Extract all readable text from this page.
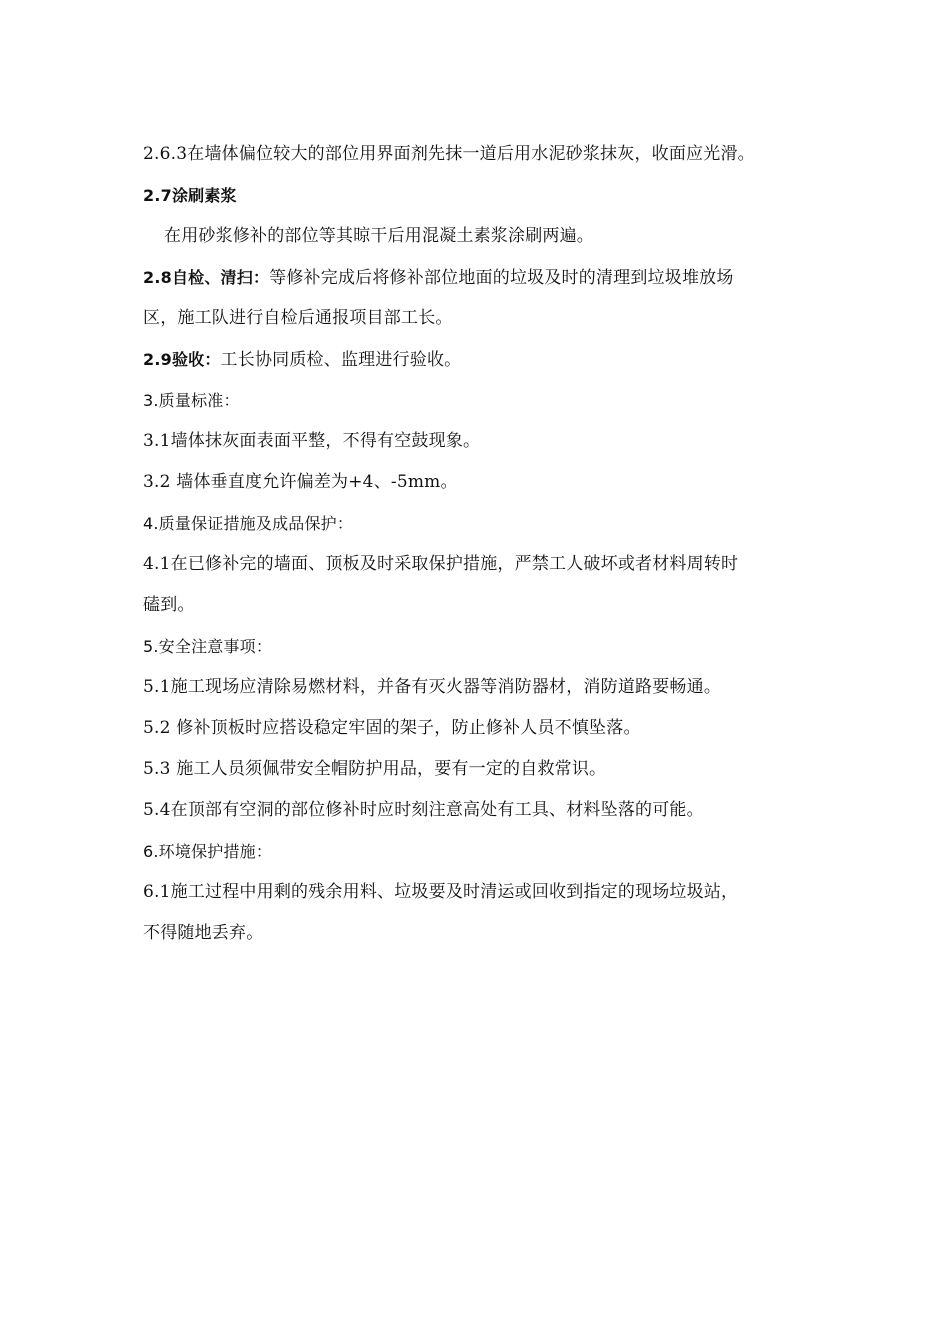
2.6.3在墙体偏位较大的部位用界面剂先抹一道后用水泥砂浆抹灰，收面应光滑。
2.7涂刷素浆
在用砂浆修补的部位等其晾干后用混凝土素浆涂刷两遍。
2.8自检、清扫：等修补完成后将修补部位地面的垃圾及时的清理到垃圾堆放场
区，施工队进行自检后通报项目部工长。
2.9验收：工长协同质检、监理进行验收。
3.质量标准：
3.1墙体抹灰面表面平整，不得有空鼓现象。
3.2 墙体垂直度允许偏差为+4、-5mm。
4.质量保证措施及成品保护：
4.1在已修补完的墙面、顶板及时采取保护措施，严禁工人破坏或者材料周转时
磕到。
5.安全注意事项：
5.1施工现场应清除易燃材料，并备有灭火器等消防器材，消防道路要畅通。
5.2 修补顶板时应搭设稳定牢固的架子，防止修补人员不慎坠落。
5.3 施工人员须佩带安全帽防护用品，要有一定的自救常识。
5.4在顶部有空洞的部位修补时应时刻注意高处有工具、材料坠落的可能。
6.环境保护措施：
6.1施工过程中用剩的残余用料、垃圾要及时清运或回收到指定的现场垃圾站，
不得随地丢弃。
